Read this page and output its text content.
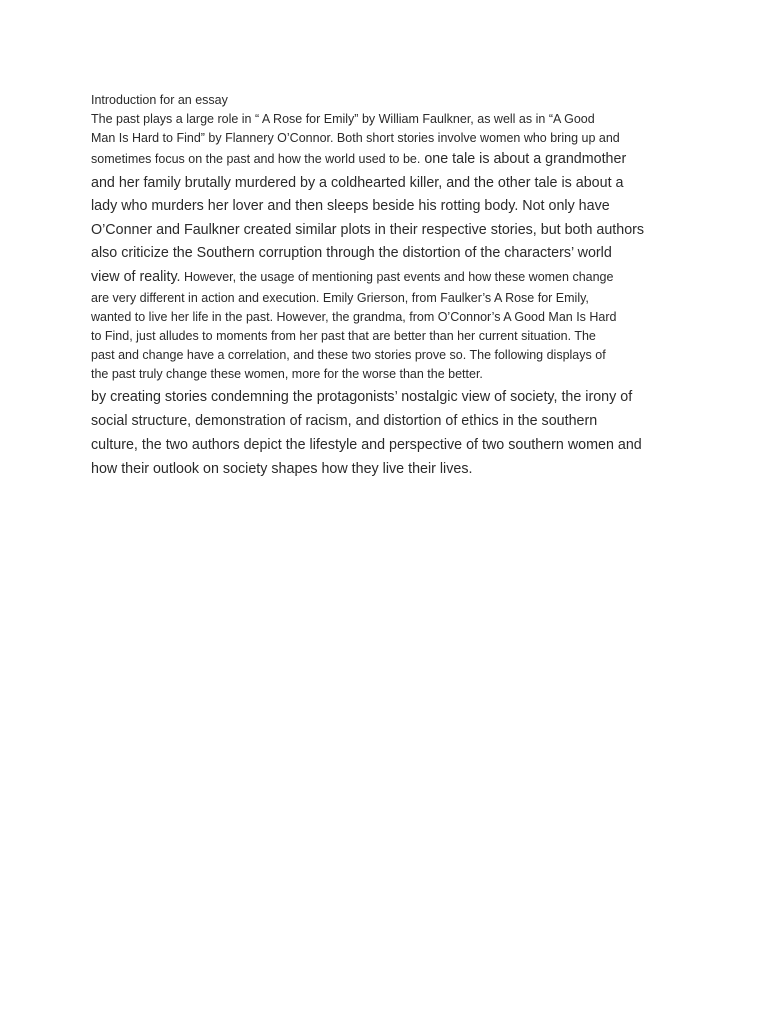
Introduction for an essay

The past plays a large role in “ A Rose for Emily” by William Faulkner, as well as in “A Good
Man Is Hard to Find” by Flannery O’Connor. Both short stories involve women who bring up and
sometimes focus on the past and how the world used to be. one tale is about a grandmother
and her family brutally murdered by a coldhearted killer, and the other tale is about a
lady who murders her lover and then sleeps beside his rotting body. Not only have
O’Conner and Faulkner created similar plots in their respective stories, but both authors
also criticize the Southern corruption through the distortion of the characters’ world
view of reality. However, the usage of mentioning past events and how these women change
are very different in action and execution. Emily Grierson, from Faulker’s A Rose for Emily,
wanted to live her life in the past. However, the grandma, from O’Connor’s A Good Man Is Hard
to Find, just alludes to moments from her past that are better than her current situation. The
past and change have a correlation, and these two stories prove so. The following displays of
the past truly change these women, more for the worse than the better.

by creating stories condemning the protagonists’ nostalgic view of society, the irony of
social structure, demonstration of racism, and distortion of ethics in the southern
culture, the two authors depict the lifestyle and perspective of two southern women and
how their outlook on society shapes how they live their lives.
